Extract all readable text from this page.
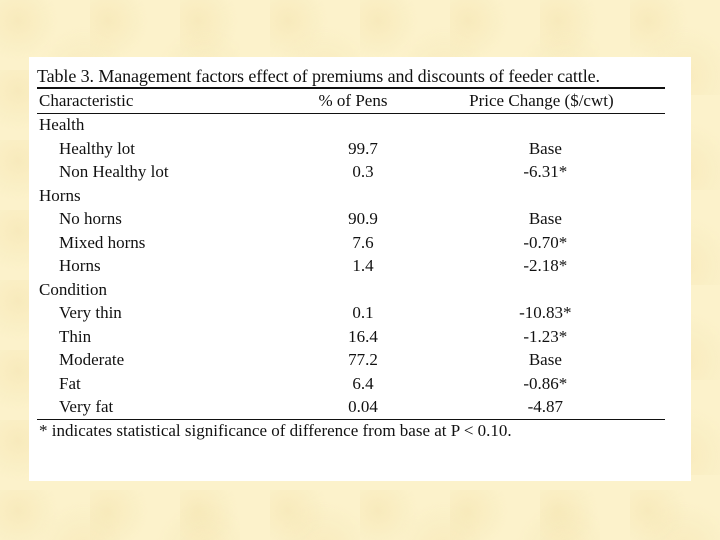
Table 3. Management factors effect of premiums and discounts of feeder cattle.
Characteristic	% of Pens	Price Change ($/cwt)
Health
Healthy lot	99.7	Base
Non Healthy lot	0.3	-6.31*
Horns
No horns	90.9	Base
Mixed horns	7.6	-0.70*
Horns	1.4	-2.18*
Condition
Very thin	0.1	-10.83*
Thin	16.4	-1.23*
Moderate	77.2	Base
Fat	6.4	-0.86*
Very fat	0.04	-4.87
* indicates statistical significance of difference from base at P < 0.10.
